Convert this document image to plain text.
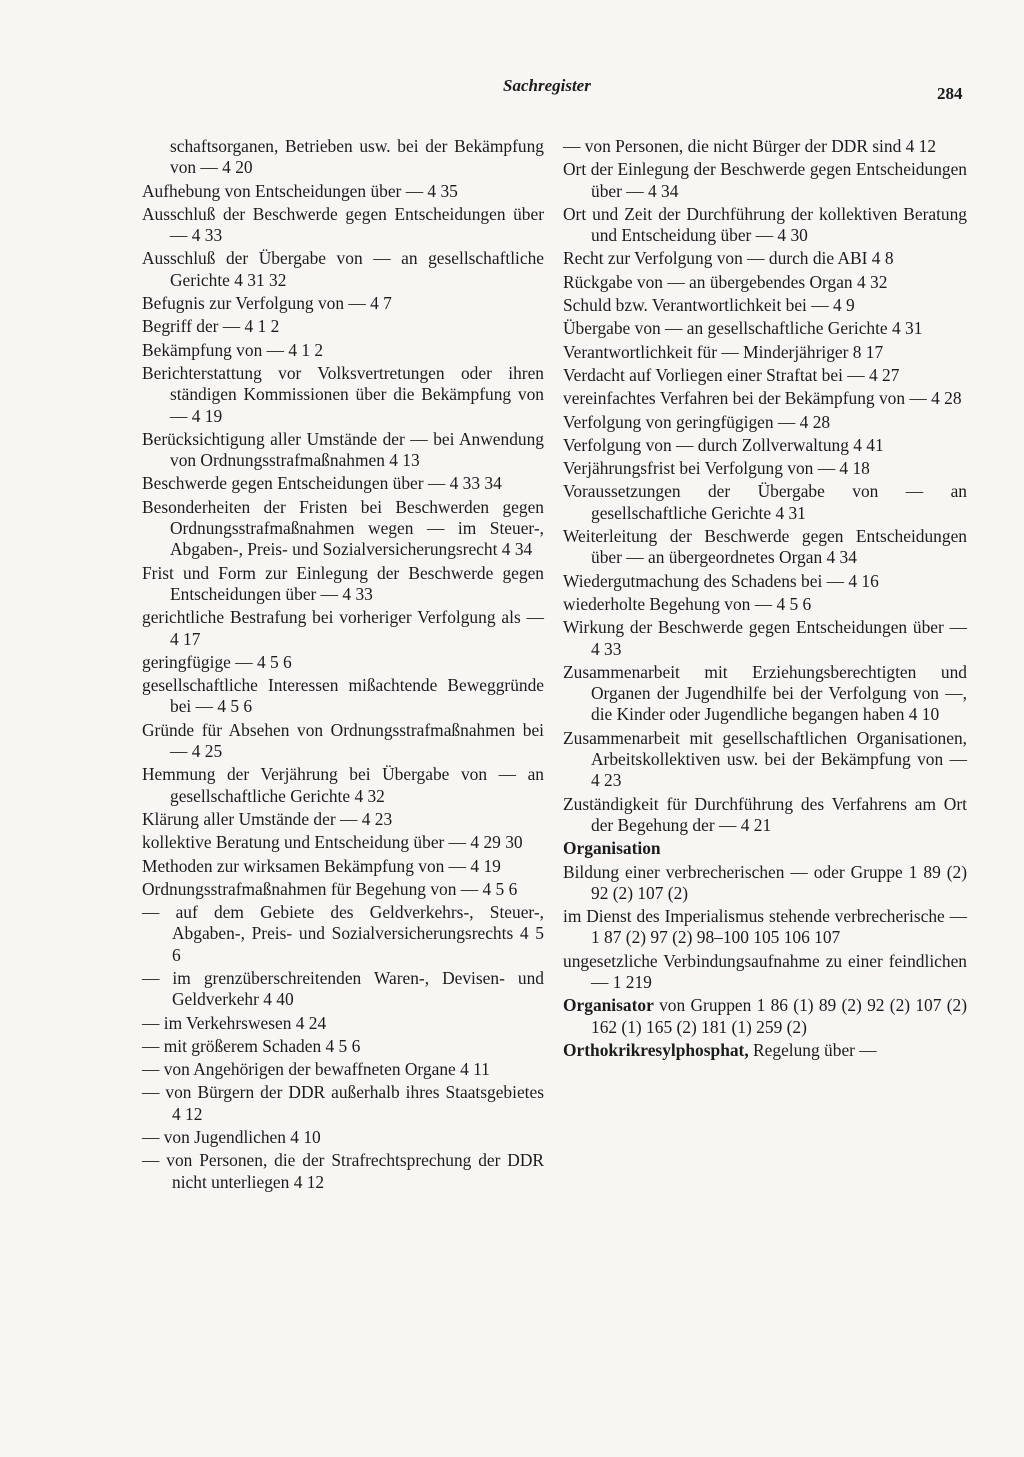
Sachregister	284

schaftsorganen, Betrieben usw. bei der Bekämpfung von — 4 20

Aufhebung von Entscheidungen über — 4 35

Ausschluß der Beschwerde gegen Entscheidungen über — 4 33

Ausschluß der Übergabe von — an gesellschaftliche Gerichte 4 31 32

Befugnis zur Verfolgung von — 4 7

Begriff der — 4 1 2

Bekämpfung von — 4 1 2

Berichterstattung vor Volksvertretungen oder ihren ständigen Kommissionen über die Bekämpfung von — 4 19

Berücksichtigung aller Umstände der — bei Anwendung von Ordnungsstrafmaßnahmen 4 13

Beschwerde gegen Entscheidungen über — 4 33 34

Besonderheiten der Fristen bei Beschwerden gegen Ordnungsstrafmaßnahmen wegen — im Steuer-, Abgaben-, Preis- und Sozialversicherungsrecht 4 34

Frist und Form zur Einlegung der Beschwerde gegen Entscheidungen über — 4 33

gerichtliche Bestrafung bei vorheriger Verfolgung als — 4 17

geringfügige — 4 5 6

gesellschaftliche Interessen mißachtende Beweggründe bei — 4 5 6

Gründe für Absehen von Ordnungsstrafmaßnahmen bei — 4 25

Hemmung der Verjährung bei Übergabe von — an gesellschaftliche Gerichte 4 32

Klärung aller Umstände der — 4 23

kollektive Beratung und Entscheidung über — 4 29 30

Methoden zur wirksamen Bekämpfung von — 4 19

Ordnungsstrafmaßnahmen für Begehung von — 4 5 6

— auf dem Gebiete des Geldverkehrs-, Steuer-, Abgaben-, Preis- und Sozialversicherungsrechts 4 5 6

— im grenzüberschreitenden Waren-, Devisen- und Geldverkehr 4 40

— im Verkehrswesen 4 24

— mit größerem Schaden 4 5 6

— von Angehörigen der bewaffneten Organe 4 11

— von Bürgern der DDR außerhalb ihres Staatsgebietes 4 12

— von Jugendlichen 4 10

— von Personen, die der Strafrechtsprechung der DDR nicht unterliegen 4 12

— von Personen, die nicht Bürger der DDR sind 4 12

Ort der Einlegung der Beschwerde gegen Entscheidungen über — 4 34

Ort und Zeit der Durchführung der kollektiven Beratung und Entscheidung über — 4 30

Recht zur Verfolgung von — durch die ABI 4 8

Rückgabe von — an übergebendes Organ 4 32

Schuld bzw. Verantwortlichkeit bei — 4 9

Übergabe von — an gesellschaftliche Gerichte 4 31

Verantwortlichkeit für — Minderjähriger 8 17

Verdacht auf Vorliegen einer Straftat bei — 4 27

vereinfachtes Verfahren bei der Bekämpfung von — 4 28

Verfolgung von geringfügigen — 4 28

Verfolgung von — durch Zollverwaltung 4 41

Verjährungsfrist bei Verfolgung von — 4 18

Voraussetzungen der Übergabe von — an gesellschaftliche Gerichte 4 31

Weiterleitung der Beschwerde gegen Entscheidungen über — an übergeordnetes Organ 4 34

Wiedergutmachung des Schadens bei — 4 16

wiederholte Begehung von — 4 5 6

Wirkung der Beschwerde gegen Entscheidungen über — 4 33

Zusammenarbeit mit Erziehungsberechtigten und Organen der Jugendhilfe bei der Verfolgung von —, die Kinder oder Jugendliche begangen haben 4 10

Zusammenarbeit mit gesellschaftlichen Organisationen, Arbeitskollektiven usw. bei der Bekämpfung von — 4 23

Zuständigkeit für Durchführung des Verfahrens am Ort der Begehung der — 4 21

Organisation

Bildung einer verbrecherischen — oder Gruppe 1 89 (2) 92 (2) 107 (2)

im Dienst des Imperialismus stehende verbrecherische — 1 87 (2) 97 (2) 98–100 105 106 107

ungesetzliche Verbindungsaufnahme zu einer feindlichen — 1 219

Organisator von Gruppen 1 86 (1) 89 (2) 92 (2) 107 (2) 162 (1) 165 (2) 181 (1) 259 (2)

Orthokrikresylphosphat, Regelung über —
